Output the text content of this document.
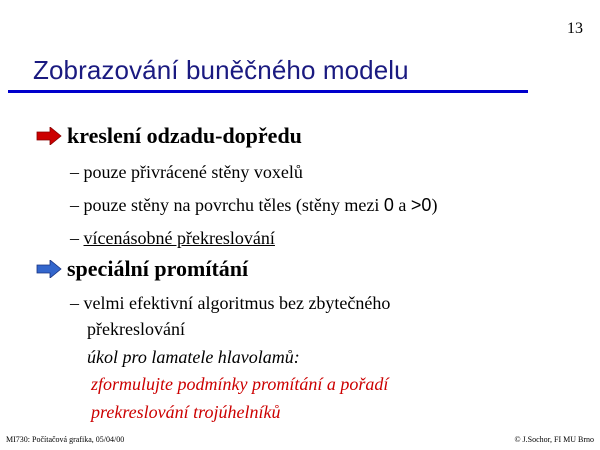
13
Zobrazování buněčného modelu
kreslení odzadu-dopředu
– pouze přivrácené stěny voxelů
– pouze stěny na povrchu těles (stěny mezi 0 a >0)
– vícenásobné překreslování
speciální promítání
– velmi efektivní algoritmus bez zbytečného
překreslování
úkol pro lamatele hlavolamů:
zformulujte podmínky promítání a pořadí
prekreslování trojúhelníků
MI730: Počítačová grafika, 05/04/00	© J.Sochor, FI MU Brno
